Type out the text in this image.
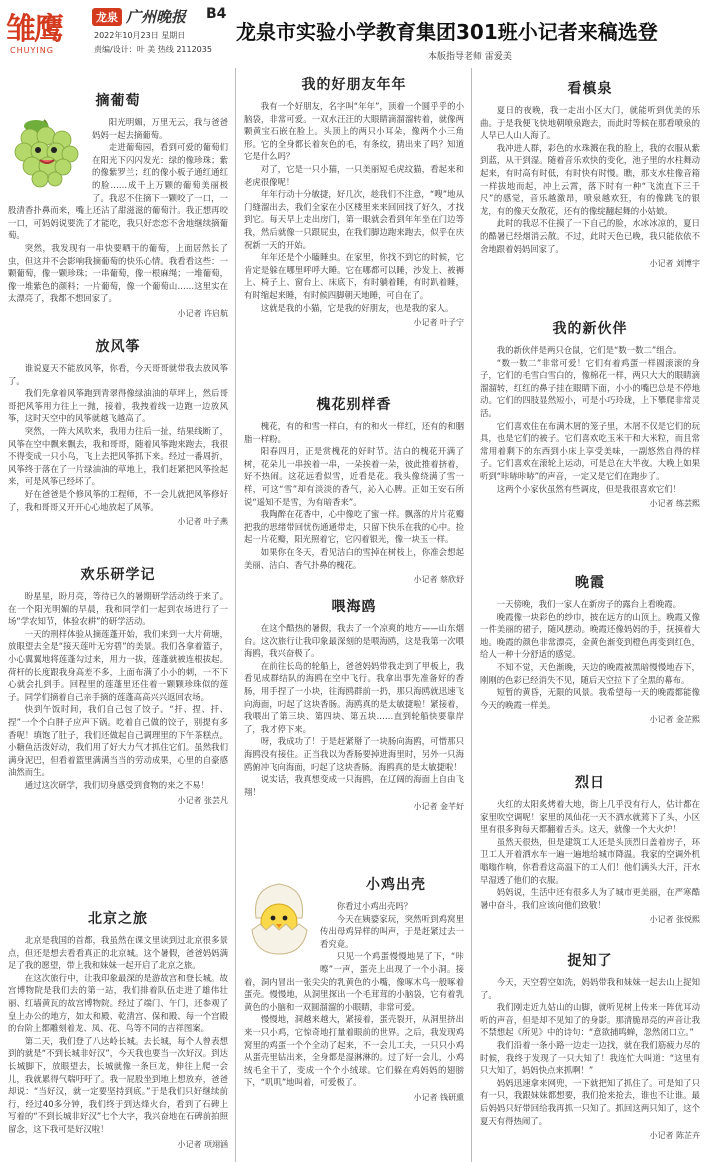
雏鹰
CHUYING
龙泉 广州晚报 B4
2022年10月23日 星期日
责编/设计：叶 美 热线 2112035
龙泉市实验小学教育集团301班小记者来稿选登
本版指导老师 雷爱美
摘葡萄

阳光明媚，万里无云，我与爸爸妈妈一起去摘葡萄。

走进葡萄园，看到可爱的葡萄们在阳光下闪闪发光：绿的像珍珠；紫的像紫罗兰；红的像小板子通红通红的脸……成千上万颗的葡萄美丽极了。我忍不住摘下一颗咬了一口，一股清香扑鼻而来，嘴上还沾了甜滋滋的葡萄汁。我正想再咬一口，可妈妈说要洗了才能吃，我只好恋恋不舍地继续摘葡萄。

突然，我发现有一串快要晒干的葡萄，上面居然长了虫，但这并不会影响我摘葡萄的快乐心情。我看看这些：一颗葡萄，像一颗珍珠；一串葡萄，像一根麻绳；一堆葡萄，像一堆紫色的颜料；一片葡萄，像一个葡萄山……这里实在太漂亮了，我都不想回家了。

小记者 许启航
放风筝

谁说夏天不能放风筝，你看，今天哥哥就带我去放风筝了。

我们先拿着风筝跑到青翠得像绿油油的草坪上，然后哥哥把风筝用力往上一抛，接着，我拽着线一边跑一边放风筝，这时天空中的风筝就越飞越高了。

突然，一阵大风吹来，我用力往后一扯，结果线断了，风筝在空中飘来飘去，我和哥哥，随着风筝跑来跑去，我很不得变成一只小鸟，飞上去把风筝抓下来。经过一番周折，风筝终于落在了一片绿油油的草地上，我们赶紧把风筝捡起来，可是风筝已经坏了。

好在爸爸是个修风筝的工程师，不一会儿就把风筝修好了，我和哥哥又开开心心地放起了风筝。

小记者 叶子燕
欢乐研学记

盼星星，盼月亮，等待已久的暑期研学活动终于来了。在一个阳光明媚的早晨，我和同学们一起到农场进行了一场“学农知节，体验农耕”的研学活动。

一天的刑样体验从摘莲蓬开始，我们来到一大片荷塘，放眼望去全是“接天莲叶无穷碧”的美景。我们各拿着篮子，小心翼翼地将莲蓬勾过来，用力一拔，莲蓬就被连根拔起。荷杆的长度跟我身高差不多，上面布满了小小的刺，一不下心就会扎到手。回程里的莲蓬里还住着一颗颗珍珠似的莲子。同学们摘着自己亲手摘的莲蓬高高兴兴返回农场。

快到午饭时间，我们自己包了饺子。“扦、捏、扦、捏”一个个白胖子应声下锅。吃着自己做的饺子，别提有多香呢！填饱了肚子，我们还做起自己调理里的下午茶糕点。小糖鱼活泼好动，我们用了好大力气才抓住它们。虽然我们满身泥巴，但看着篮里满满当当的劳动成果，心里的自豪感油然而生。

通过这次研学，我们切身感受到食物的来之不易！

小记者 张芸凡
北京之旅

北京是我国的首都，我虽然在课文里读到过北京很多景点，但还是想去看看真正的北京城。这个暑假，爸爸妈妈满足了我的愿望，带上我和妹妹一起开启了北京之旅。

在这次旅行中，让我印象最深的是游故宫和登长城。故宫博物院是我们去的第一站，我们排着队伍走进了雄伟壮丽、红墙黄瓦的故宫博物院。经过了端门、午门，还参观了皇上办公的地方，如太和殿、乾清宫、保和殿、每一个宫殿的台阶上都雕刻着龙、凤、花、鸟等不同的吉祥图案。

第二天，我们登了八达岭长城。去长城，每个人曾表想到的就是“不到长城非好汉”，今天我也要当一次好汉。到达长城脚下，放眼望去，长城就像一条巨龙，伸往上爬一会儿，我就累得气喘吁吁了。我一屁股坐到地上想放弃，爸爸却说：“当好汉，就一定要坚持到底。”于是我们只好继续前行，经过40多分钟，我们终于到达烽火台，看到了石碑上写着的“不到长城非好汉”七个大字，我兴奋地在石碑前拍照留念，这下我可是好汉啦！

小记者 项翊涵
我的好朋友年年

我有一个好朋友，名字叫“年年”，顶着一个圆乎乎的小脑袋，非常可爱。一双水汪汪的大眼睛滴溜溜转着，就像两颗黄宝石嵌在脸上。头顶上的两只小耳朵，像两个小三角形。它的全身都长着灰色的毛，有条纹，猜出来了吗？知道它是什么吗？

对了，它是一只小猫，一只美丽短毛虎纹猫，看起来和老虎很像呢！

年年行动十分敏捷，好几次，趁我们不注意，“嗖”地从门缝溜出去，我们全家在小区楼里来来回回找了好久，才找到它。每天早上走出房门，第一眼就会看到年年坐在门边等我，然后就像一只跟屁虫，在我们脚边跑来跑去，似乎在庆祝新一天的开始。

年年还是个小瞌睡虫。在家里，你找不到它的时候，它肯定是躲在哪里呼呼大睡。它在哪都可以睡，沙发上、被褥上、椅子上、窗台上、床底下，有时躺着睡，有时趴着睡，有时缩起来睡，有时候四脚朝天地睡，可自在了。

这就是我的小猫，它是我的好朋友，也是我的家人。

小记者 叶子宁
槐花别样香

槐花，有的和雪一样白，有的和火一样红，还有的和胭脂一样粉。

阳春四月，正是赏槐花的好时节。洁白的槐花开满了树，花朵儿一串挨着一串，一朵挨着一朵，彼此推着挤着，好不热闹。这花远看似雪，近看是花。我头像绕满了雪一样，可这“雪”却有淡淡的香气，沁入心脾。正如王安石所说“遥知不是雪，为有暗香来”。

我陶醉在花香中，心中像吃了蜜一样。飘落的片片花瓣把我的思绪带回忧伤通通带走，只留下快乐在我的心中。捡起一片花瓣，阳光照着它，它闪着银光，像一块玉一样。

如果你在冬天，看见洁白的雪掉在树枝上，你准会想起美丽、洁白、香气扑鼻的槐花。

小记者 蔡欣妤
喂海鸥

在这个酷热的暑假，我去了一个凉爽的地方——山东烟台。这次旅行让我印象最深刻的是喂海鸥，这是我第一次喂海鸥，我兴奋极了。

在前往长岛的轮船上，爸爸妈妈带我走到了甲板上，我看见成群结队的海鸥在空中飞行。我拿出事先准备好的香肠，用手捏了一小块，往海鸥群前一扔，那只海鸥就迅速飞向海面，叼起了这块香肠。海鸥真的是太敏捷啦！紧接着，我喂出了第三块、第四块、第五块……直到轮船快要靠岸了，我才停下来。

呀，我成功了！于是赶紧掰了一块肠向海鸥，可惜那只海鸥没有接住。正当我以为香肠要掉进海里时，另外一只海鸥俯冲飞向海面，叼起了这块香肠。海鸥真的是太敏捷啦！

说实话，我真想变成一只海鸥，在辽阔的海面上自由飞翔！

小记者 金芊好
小鸡出壳

你看过小鸡出壳吗？

今天在姨婆家玩，突然听到鸡窝里传出母鸡异样的叫声，于是赶紧过去一看究竟。

只见一个鸡蛋慢慢地晃了下，“咔嚓”一声，蛋壳上出现了一个小洞。接着，洞内冒出一张尖尖的乳黄色的小嘴，像啄木鸟一般啄着蛋壳。慢慢地，从洞里探出一个毛茸茸的小脑袋，它有着乳黄色的小脑和一双圆溜溜的小眼睛，非常可爱。

慢慢地，洞越来越大，紧接着，蛋壳裂开，从洞里挤出来一只小鸡，它惊奇地打量着眼前的世界。之后，我发现鸡窝里的鸡蛋一个个全动了起来，不一会儿工夫，一只只小鸡从蛋壳里钻出来，全身都是湿淋淋的。过了好一会儿，小鸡绒毛全干了，变成一个个小绒球。它们躲在鸡妈妈的翅膀下，“叽叽”地叫着，可爱极了。

小记者 钱研熏
看槙泉

夏日的夜晚，我一走出小区大门，就能听到优美的乐曲。于是我便飞快地朝喷泉跑去，而此时等候在那看喷泉的人早已人山人海了。

我冲进人群，彩色的水珠溅在我的脸上，我的衣服从紫到蓝，从干到湿。随着音乐欢快的变化，池子里的水柱舞动起来，有时高有时低，有时快有时慢。瞧，那支水柱像音箱一样拔地而起，冲上云霄，落下时有一种“飞流直下三千尺”的感觉，音乐越激昂，喷泉越欢狂，有的像跳飞的银龙，有的像天女散花，还有的像绽翻起舞的小姑娘。

此时的我忍不住摸了一下自己的脸，水冰冰凉的，夏日的酷暑已经烟消云散。不过，此时天色已晚，我只能依依不舍地跟着妈妈回家了。

小记者 刘博宇
我的新伙伴

我的新伙伴是两只仓鼠，它们是“数一数二”组合。

“数一数二”非常可爱！它们有着鸡蛋一样圆滚滚的身子，它们的毛雪白雪白的，像棉花一样，两只大大的眼睛滴溜溜转，红红的鼻子挂在眼睛下面，小小的嘴巴总是不停地动。它们的四肢显然短小，可是小巧玲珑，上下攀爬非常灵活。

它们喜欢住在布满木屑的笼子里，木屑不仅是它们的玩具，也是它们的被子。它们喜欢吃玉米干和大米粒，而且常常用着剩下的东西到小床上享受美味，一副悠然自得的样子。它们喜欢在滚轮上运动，可是总在大半夜。大晚上如果听到“咔哧咔哧”的声音，一定又是它们在跑步了。

这两个小家伙虽然有些调皮，但是我很喜欢它们！

小记者 练芸熙
晚霞

一天傍晚，我们一家人在新房子的露台上看晚霞。

晚霞像一块彩色的纱巾，披在远方的山顶上。晚霞又像一件美丽的裙子，随风摆动。晚霞还像妈妈的手，抚摸着大地。晚霞的颜色非常漂亮，金黄色渐变到橙色再变到红色，给人一种十分舒适的感觉。

不知不觉，天色渐晚，天边的晚霞被黑暗慢慢地吞下，刚刚的色彩已经消失不见，随后天空拉下了全黑的幕布。

短暂的黄昏，无限的风景。我希望每一天的晚霞都能像今天的晚霞一样美。

小记者 金芷熙
烈日

火红的太阳炙烤着大地，街上几乎没有行人，估计都在家里吹空调呢！家里的凤仙花一天不洒水就蔫下了头，小区里有很多狗每天都翻着舌头。这天，就像一个大火炉！

虽然天很热，但是建筑工人还是头顶烈日盖着房子，环卫工人开着洒水车一遍一遍地给城市降温。我家的空调外机嗡嗡作响，你看看这高温下的工人们！他们满头大汗，汗水早湿透了他们的衣服。

妈妈说，生活中还有很多人为了城市更美丽，在严寒酷暑中奋斗，我们应该向他们致敬！

小记者 张悦熙
捉知了

今天，天空碧空如洗，妈妈带我和妹妹一起去山上捉知了。

我们刚走近九姑山的山脚，就听见树上传来一阵优耳动听的声音，但是却不见知了的身影。那清脆昂亮的声音让我不禁想起《所见》中的诗句：“意欲捕鸣蝉，忽然闭口立。”

我们沿着一条小路一边走一边找，就在我们筋疲力尽的时候，我终于发现了一只大知了！我连忙大叫道：“这里有只大知了，妈妈快点来抓啊！”

妈妈迅速拿来网兜，一下就把知了抓住了。可是知了只有一只，我跟妹妹都想要，我们抢来抢去，谁也不让谁。最后妈妈只好带回给我再抓一只知了。抓回这两只知了，这个夏天有得热闹了。

小记者 陈芷卉
